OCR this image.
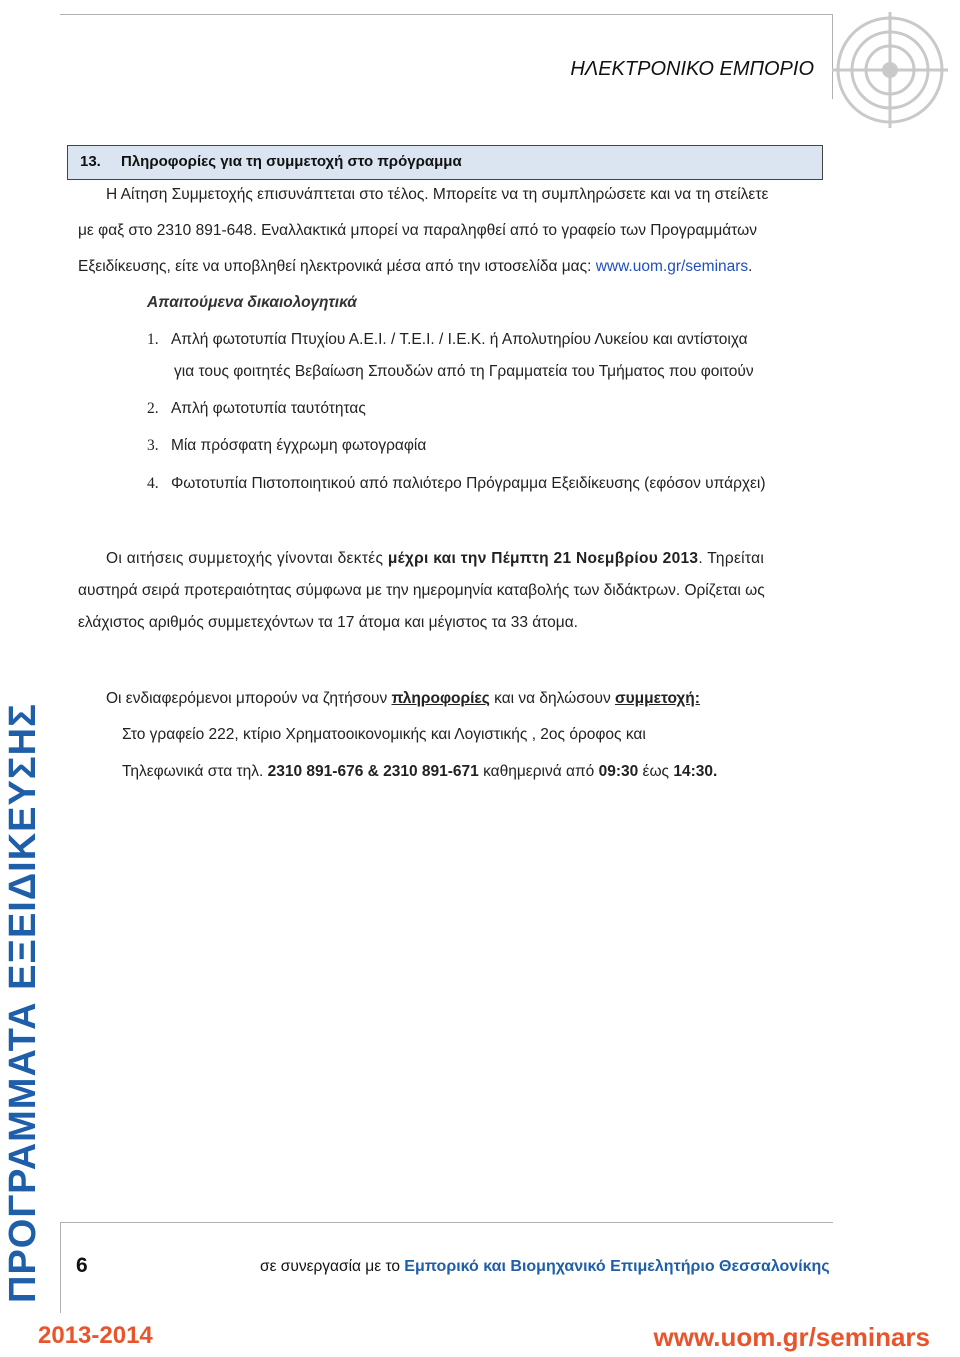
ΗΛΕΚΤΡΟΝΙΚΟ ΕΜΠΟΡΙΟ
13. Πληροφορίες για τη συμμετοχή στο πρόγραμμα
Η Αίτηση Συμμετοχής επισυνάπτεται στο τέλος. Μπορείτε να τη συμπληρώσετε και να τη στείλετε
με φαξ στο 2310 891-648. Εναλλακτικά μπορεί να παραληφθεί από το γραφείο των Προγραμμάτων
Εξειδίκευσης, είτε να υποβληθεί ηλεκτρονικά μέσα από την ιστοσελίδα μας: www.uom.gr/seminars.
Απαιτούμενα δικαιολογητικά
1. Απλή φωτοτυπία Πτυχίου Α.Ε.Ι. / Τ.Ε.Ι. / Ι.Ε.Κ. ή Απολυτηρίου Λυκείου και αντίστοιχα
για τους φοιτητές Βεβαίωση Σπουδών από τη Γραμματεία του Τμήματος που φοιτούν
2. Απλή φωτοτυπία ταυτότητας
3. Μία πρόσφατη έγχρωμη φωτογραφία
4. Φωτοτυπία Πιστοποιητικού από παλιότερο Πρόγραμμα Εξειδίκευσης (εφόσον υπάρχει)
Οι αιτήσεις συμμετοχής γίνονται δεκτές μέχρι και την Πέμπτη 21 Νοεμβρίου 2013. Τηρείται
αυστηρά σειρά προτεραιότητας σύμφωνα με την ημερομηνία καταβολής των διδάκτρων. Ορίζεται ως
ελάχιστος αριθμός συμμετεχόντων τα 17 άτομα και μέγιστος τα 33 άτομα.
Οι ενδιαφερόμενοι μπορούν να ζητήσουν πληροφορίες και να δηλώσουν συμμετοχή:
Στο γραφείο 222, κτίριο Χρηματοοικονομικής και Λογιστικής , 2ος όροφος και
Τηλεφωνικά στα τηλ. 2310 891-676 & 2310 891-671 καθημερινά από 09:30 έως 14:30.
ΠΡΟΓΡΑΜΜΑΤΑ ΕΞΕΙΔΙΚΕΥΣΗΣ
2013-2014
6	σε συνεργασία με το Εμπορικό και Βιομηχανικό Επιμελητήριο Θεσσαλονίκης
www.uom.gr/seminars
